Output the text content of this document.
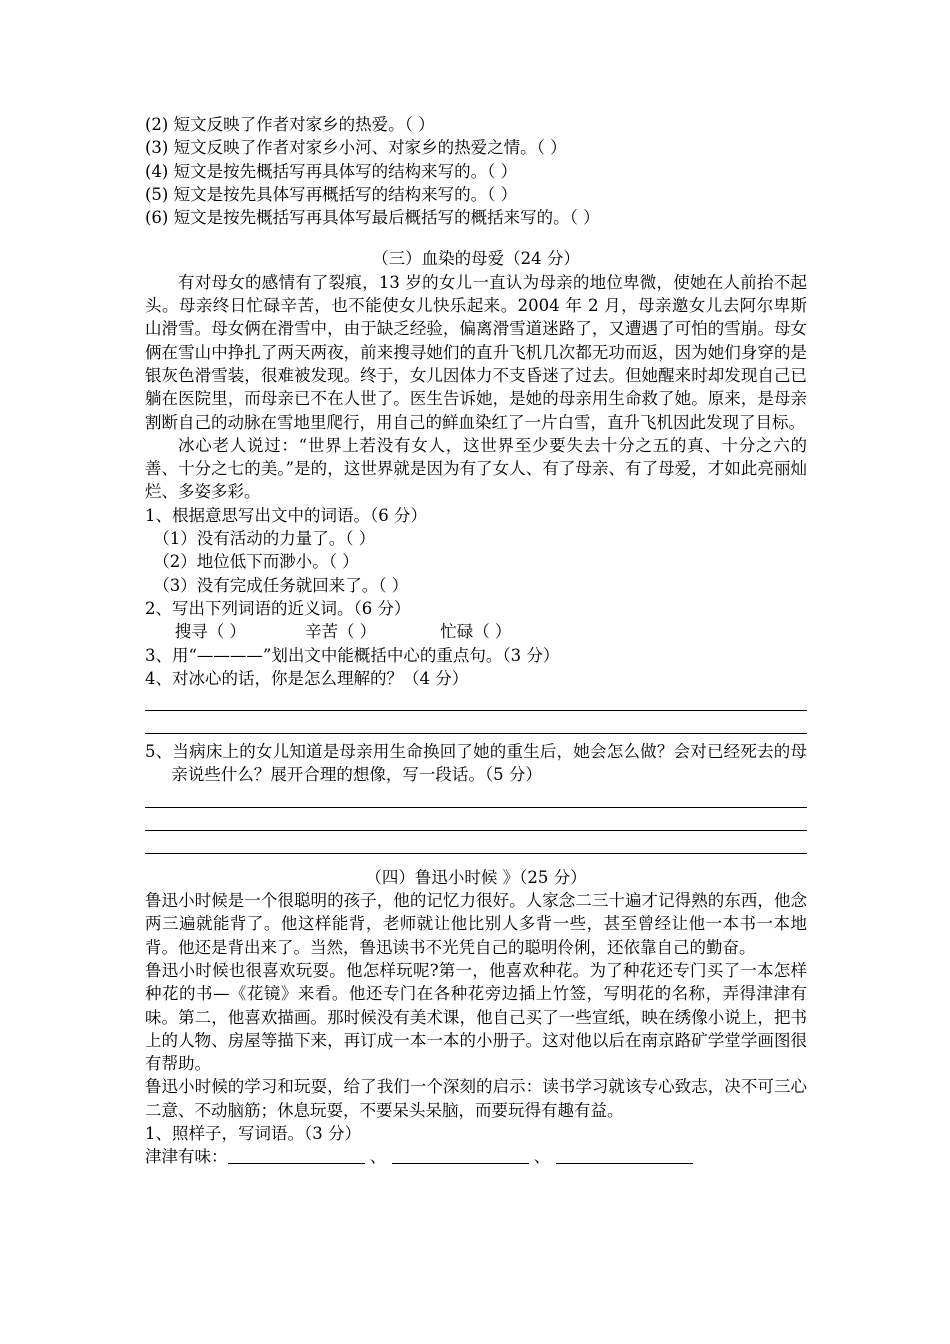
(2) 短文反映了作者对家乡的热爱。（ ）
(3) 短文反映了作者对家乡小河、对家乡的热爱之情。（ ）
(4) 短文是按先概括写再具体写的结构来写的。（ ）
(5) 短文是按先具体写再概括写的结构来写的。（ ）
(6) 短文是按先概括写再具体写最后概括写的概括来写的。（ ）
（三）血染的母爱（24 分）
有对母女的感情有了裂痕，13 岁的女儿一直认为母亲的地位卑微，使她在人前抬不起头。母亲终日忙碌辛苦，也不能使女儿快乐起来。2004 年 2 月，母亲邀女儿去阿尔卑斯山滑雪。母女俩在滑雪中，由于缺乏经验，偏离滑雪道迷路了，又遭遇了可怕的雪崩。母女俩在雪山中挣扎了两天两夜，前来搜寻她们的直升飞机几次都无功而返，因为她们身穿的是银灰色滑雪装，很难被发现。终于，女儿因体力不支昏迷了过去。但她醒来时却发现自己已躺在医院里，而母亲已不在人世了。医生告诉她，是她的母亲用生命救了她。原来，是母亲割断自己的动脉在雪地里爬行，用自己的鲜血染红了一片白雪，直升飞机因此发现了目标。
冰心老人说过：“世界上若没有女人，这世界至少要失去十分之五的真、十分之六的善、十分之七的美。”是的，这世界就是因为有了女人、有了母亲、有了母爱，才如此亮丽灿烂、多姿多彩。
1、根据意思写出文中的词语。（6 分）
（1）没有活动的力量了。（ ）
（2）地位低下而渺小。（ ）
（3）没有完成任务就回来了。（ ）
2、写出下列词语的近义词。（6 分）
搜寻（ ）	辛苦（ ）	忙碌（ ）
3、用“————”划出文中能概括中心的重点句。（3 分）
4、对冰心的话，你是怎么理解的？（4 分）
5、当病床上的女儿知道是母亲用生命换回了她的重生后，她会怎么做？会对已经死去的母亲说些什么？展开合理的想像，写一段话。（5 分）
（四）鲁迅小时候 》（25 分）
鲁迅小时候是一个很聪明的孩子，他的记忆力很好。人家念二三十遍才记得熟的东西，他念两三遍就能背了。他这样能背，老师就让他比别人多背一些，甚至曾经让他一本书一本地背。他还是背出来了。当然，鲁迅读书不光凭自己的聪明伶俐，还依靠自己的勤奋。
鲁迅小时候也很喜欢玩耍。他怎样玩呢?第一，他喜欢种花。为了种花还专门买了一本怎样种花的书—《花镜》来看。他还专门在各种花旁边插上竹签，写明花的名称，弄得津津有味。第二，他喜欢描画。那时候没有美术课，他自己买了一些宣纸，映在绣像小说上，把书上的人物、房屋等描下来，再订成一本一本的小册子。这对他以后在南京路矿学堂学画图很有帮助。
鲁迅小时候的学习和玩耍，给了我们一个深刻的启示：读书学习就该专心致志，决不可三心二意、不动脑筋；休息玩耍，不要呆头呆脑，而要玩得有趣有益。
1、照样子，写词语。（3 分）
津津有味：	、	、
